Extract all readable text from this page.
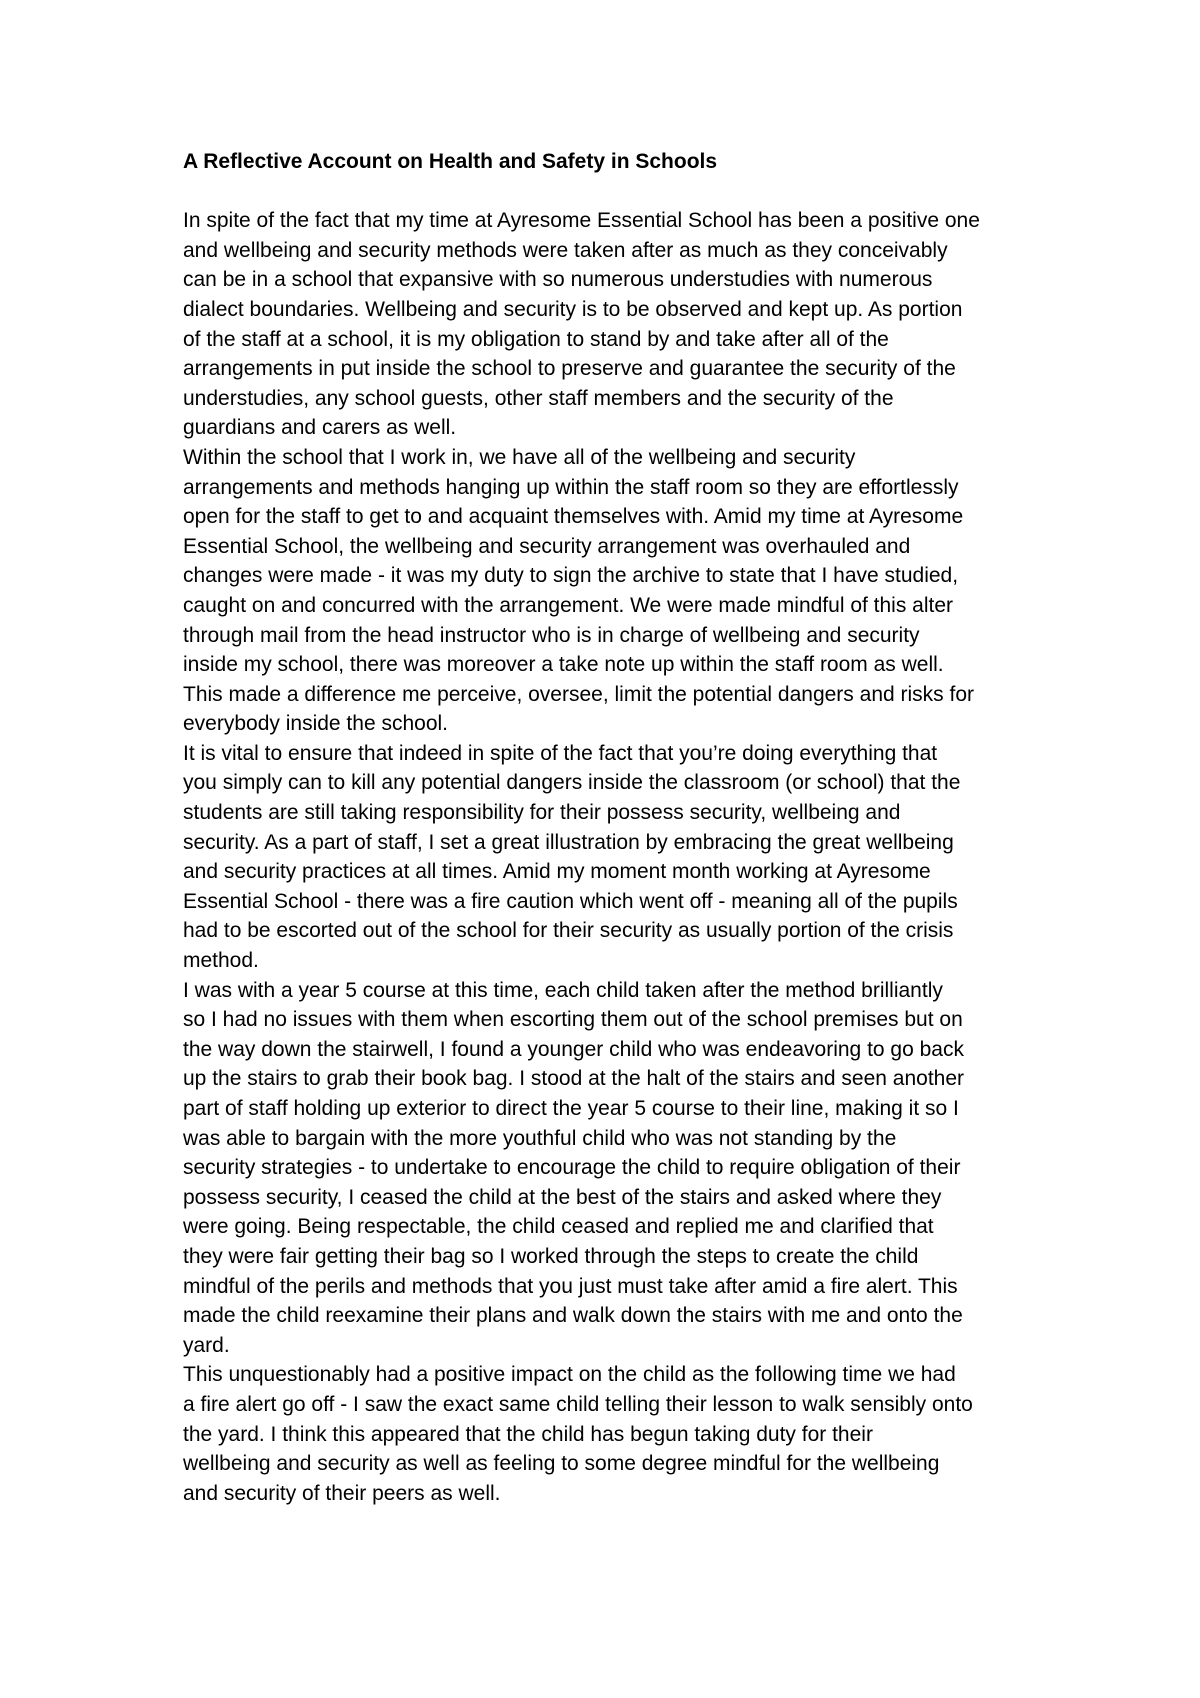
A Reflective Account on Health and Safety in Schools
In spite of the fact that my time at Ayresome Essential School has been a positive one
and wellbeing and security methods were taken after as much as they conceivably
can be in a school that expansive with so numerous understudies with numerous
dialect boundaries. Wellbeing and security is to be observed and kept up. As portion
of the staff at a school, it is my obligation to stand by and take after all of the
arrangements in put inside the school to preserve and guarantee the security of the
understudies, any school guests, other staff members and the security of the
guardians and carers as well.
Within the school that I work in, we have all of the wellbeing and security
arrangements and methods hanging up within the staff room so they are effortlessly
open for the staff to get to and acquaint themselves with. Amid my time at Ayresome
Essential School, the wellbeing and security arrangement was overhauled and
changes were made - it was my duty to sign the archive to state that I have studied,
caught on and concurred with the arrangement. We were made mindful of this alter
through mail from the head instructor who is in charge of wellbeing and security
inside my school, there was moreover a take note up within the staff room as well.
This made a difference me perceive, oversee, limit the potential dangers and risks for
everybody inside the school.
It is vital to ensure that indeed in spite of the fact that you’re doing everything that
you simply can to kill any potential dangers inside the classroom (or school) that the
students are still taking responsibility for their possess security, wellbeing and
security. As a part of staff, I set a great illustration by embracing the great wellbeing
and security practices at all times. Amid my moment month working at Ayresome
Essential School - there was a fire caution which went off - meaning all of the pupils
had to be escorted out of the school for their security as usually portion of the crisis
method.
I was with a year 5 course at this time, each child taken after the method brilliantly
so I had no issues with them when escorting them out of the school premises but on
the way down the stairwell, I found a younger child who was endeavoring to go back
up the stairs to grab their book bag. I stood at the halt of the stairs and seen another
part of staff holding up exterior to direct the year 5 course to their line, making it so I
was able to bargain with the more youthful child who was not standing by the
security strategies - to undertake to encourage the child to require obligation of their
possess security, I ceased the child at the best of the stairs and asked where they
were going. Being respectable, the child ceased and replied me and clarified that
they were fair getting their bag so I worked through the steps to create the child
mindful of the perils and methods that you just must take after amid a fire alert. This
made the child reexamine their plans and walk down the stairs with me and onto the
yard.
This unquestionably had a positive impact on the child as the following time we had
a fire alert go off - I saw the exact same child telling their lesson to walk sensibly onto
the yard. I think this appeared that the child has begun taking duty for their
wellbeing and security as well as feeling to some degree mindful for the wellbeing
and security of their peers as well.
